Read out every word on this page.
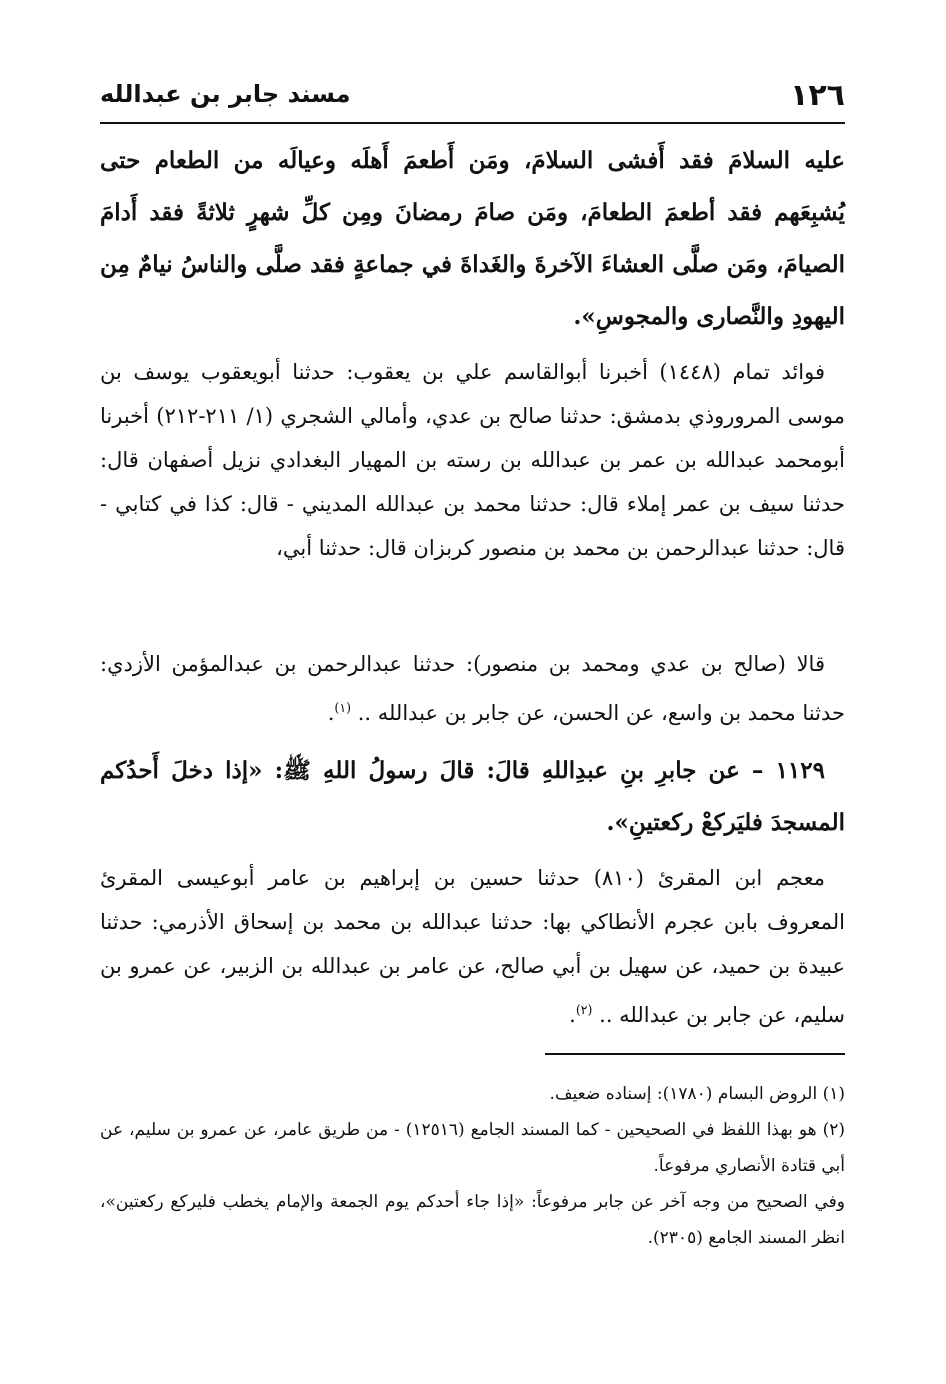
١٢٦
مسند جابر بن عبدالله

عليه السلامَ فقد أَفشى السلامَ، ومَن أَطعمَ أَهلَه وعيالَه من الطعام حتى يُشبِعَهم فقد أطعمَ الطعامَ، ومَن صامَ رمضانَ ومِن كلِّ شهرٍ ثلاثةً فقد أَدامَ الصيامَ، ومَن صلَّى العشاءَ الآخرةَ والغَداةَ في جماعةٍ فقد صلَّى والناسُ نيامٌ مِن اليهودِ والنَّصارى والمجوسِ».

فوائد تمام (١٤٤٨) أخبرنا أبوالقاسم علي بن يعقوب: حدثنا أبويعقوب يوسف بن موسى المروروذي بدمشق: حدثنا صالح بن عدي، وأمالي الشجري (١/ ٢١١-٢١٢) أخبرنا أبومحمد عبدالله بن عمر بن عبدالله بن رسته بن المهيار البغدادي نزيل أصفهان قال: حدثنا سيف بن عمر إملاء قال: حدثنا محمد بن عبدالله المديني - قال: كذا في كتابي - قال: حدثنا عبدالرحمن بن محمد بن منصور كربزان قال: حدثنا أبي،

قالا (صالح بن عدي ومحمد بن منصور): حدثنا عبدالرحمن بن عبدالمؤمن الأزدي: حدثنا محمد بن واسع، عن الحسن، عن جابر بن عبدالله .. $^{(١)}$.

١١٢٩ – عن جابرِ بنِ عبدِاللهِ قالَ: قالَ رسولُ اللهِ ﷺ: «إذا دخلَ أَحدُكم المسجدَ فليَركعْ ركعتينِ».

معجم ابن المقرئ (٨١٠) حدثنا حسين بن إبراهيم بن عامر أبوعيسى المقرئ المعروف بابن عجرم الأنطاكي بها: حدثنا عبدالله بن محمد بن إسحاق الأذرمي: حدثنا عبيدة بن حميد، عن سهيل بن أبي صالح، عن عامر بن عبدالله بن الزبير، عن عمرو بن سليم، عن جابر بن عبدالله .. $^{(٢)}$.

(١) الروض البسام (١٧٨٠): إسناده ضعيف.

(٢) هو بهذا اللفظ في الصحيحين - كما المسند الجامع (١٢٥١٦) - من طريق عامر، عن عمرو بن سليم، عن أبي قتادة الأنصاري مرفوعاً.

وفي الصحيح من وجه آخر عن جابر مرفوعاً: «إذا جاء أحدكم يوم الجمعة والإمام يخطب فليركع ركعتين»، انظر المسند الجامع (٢٣٠٥).
